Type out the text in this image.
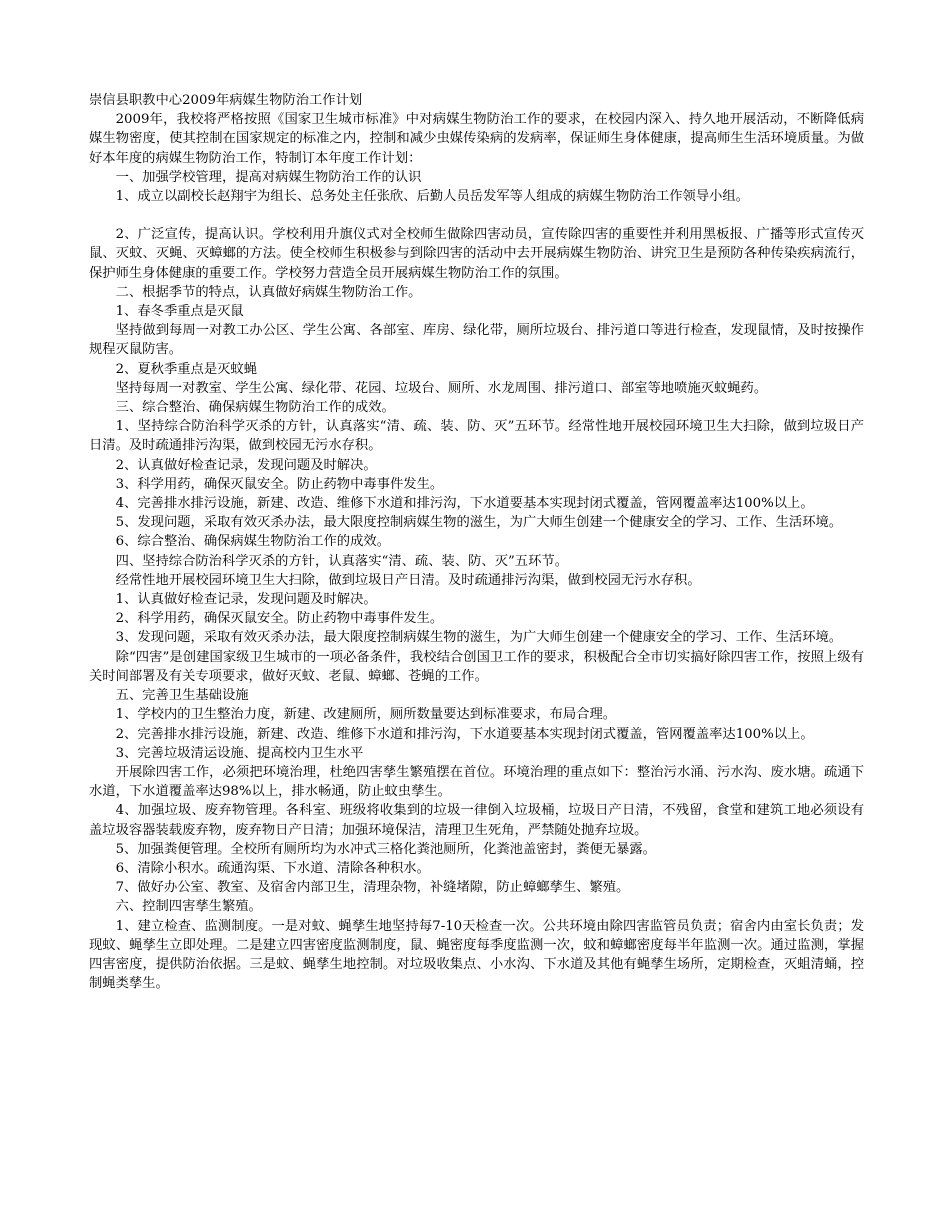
崇信县职教中心2009年病媒生物防治工作计划

2009年，我校将严格按照《国家卫生城市标准》中对病媒生物防治工作的要求，在校园内深入、持久地开展活动，不断降低病媒生物密度，使其控制在国家规定的标准之内，控制和减少虫媒传染病的发病率，保证师生身体健康，提高师生生活环境质量。为做好本年度的病媒生物防治工作，特制订本年度工作计划：

一、加强学校管理，提高对病媒生物防治工作的认识

1、成立以副校长赵翔宇为组长、总务处主任张欣、后勤人员岳发军等人组成的病媒生物防治工作领导小组。

2、广泛宣传，提高认识。学校利用升旗仪式对全校师生做除四害动员，宣传除四害的重要性并利用黑板报、广播等形式宣传灭鼠、灭蚊、灭蝇、灭蟑螂的方法。使全校师生积极参与到除四害的活动中去开展病媒生物防治、讲究卫生是预防各种传染疾病流行，保护师生身体健康的重要工作。学校努力营造全员开展病媒生物防治工作的氛围。

二、根据季节的特点，认真做好病媒生物防治工作。

1、春冬季重点是灭鼠

坚持做到每周一对教工办公区、学生公寓、各部室、库房、绿化带，厕所垃圾台、排污道口等进行检查，发现鼠情，及时按操作规程灭鼠防害。

2、夏秋季重点是灭蚊蝇

坚持每周一对教室、学生公寓、绿化带、花园、垃圾台、厕所、水龙周围、排污道口、部室等地喷施灭蚊蝇药。

三、综合整治、确保病媒生物防治工作的成效。

1、坚持综合防治科学灭杀的方针，认真落实“清、疏、装、防、灭”五环节。经常性地开展校园环境卫生大扫除，做到垃圾日产日清。及时疏通排污沟渠，做到校园无污水存积。

2、认真做好检查记录，发现问题及时解决。

3、科学用药，确保灭鼠安全。防止药物中毒事件发生。

4、完善排水排污设施，新建、改造、维修下水道和排污沟，下水道要基本实现封闭式覆盖，管网覆盖率达100%以上。

5、发现问题，采取有效灭杀办法，最大限度控制病媒生物的滋生，为广大师生创建一个健康安全的学习、工作、生活环境。

6、综合整治、确保病媒生物防治工作的成效。

四、坚持综合防治科学灭杀的方针，认真落实“清、疏、装、防、灭”五环节。

经常性地开展校园环境卫生大扫除，做到垃圾日产日清。及时疏通排污沟渠，做到校园无污水存积。

1、认真做好检查记录，发现问题及时解决。

2、科学用药，确保灭鼠安全。防止药物中毒事件发生。

3、发现问题，采取有效灭杀办法，最大限度控制病媒生物的滋生，为广大师生创建一个健康安全的学习、工作、生活环境。

除“四害”是创建国家级卫生城市的一项必备条件，我校结合创国卫工作的要求，积极配合全市切实搞好除四害工作，按照上级有关时间部署及有关专项要求，做好灭蚊、老鼠、蟑螂、苍蝇的工作。

五、完善卫生基础设施

1、学校内的卫生整治力度，新建、改建厕所，厕所数量要达到标准要求，布局合理。

2、完善排水排污设施，新建、改造、维修下水道和排污沟，下水道要基本实现封闭式覆盖，管网覆盖率达100%以上。

3、完善垃圾清运设施、提高校内卫生水平

开展除四害工作，必须把环境治理，杜绝四害孳生繁殖摆在首位。环境治理的重点如下：整治污水涌、污水沟、废水塘。疏通下水道，下水道覆盖率达98%以上，排水畅通，防止蚊虫孳生。

4、加强垃圾、废弃物管理。各科室、班级将收集到的垃圾一律倒入垃圾桶，垃圾日产日清，不残留，食堂和建筑工地必须设有盖垃圾容器装载废弃物，废弃物日产日清；加强环境保洁，清理卫生死角，严禁随处抛弃垃圾。

5、加强粪便管理。全校所有厕所均为水冲式三格化粪池厕所，化粪池盖密封，粪便无暴露。

6、清除小积水。疏通沟渠、下水道、清除各种积水。

7、做好办公室、教室、及宿舍内部卫生，清理杂物，补缝堵隙，防止蟑螂孳生、繁殖。

六、控制四害孳生繁殖。

1、建立检查、监测制度。一是对蚊、蝇孳生地坚持每7-10天检查一次。公共环境由除四害监管员负责；宿舍内由室长负责；发现蚊、蝇孳生立即处理。二是建立四害密度监测制度，鼠、蝇密度每季度监测一次，蚊和蟑螂密度每半年监测一次。通过监测，掌握四害密度，提供防治依据。三是蚊、蝇孳生地控制。对垃圾收集点、小水沟、下水道及其他有蝇孳生场所，定期检查，灭蛆清蛹，控制蝇类孳生。
